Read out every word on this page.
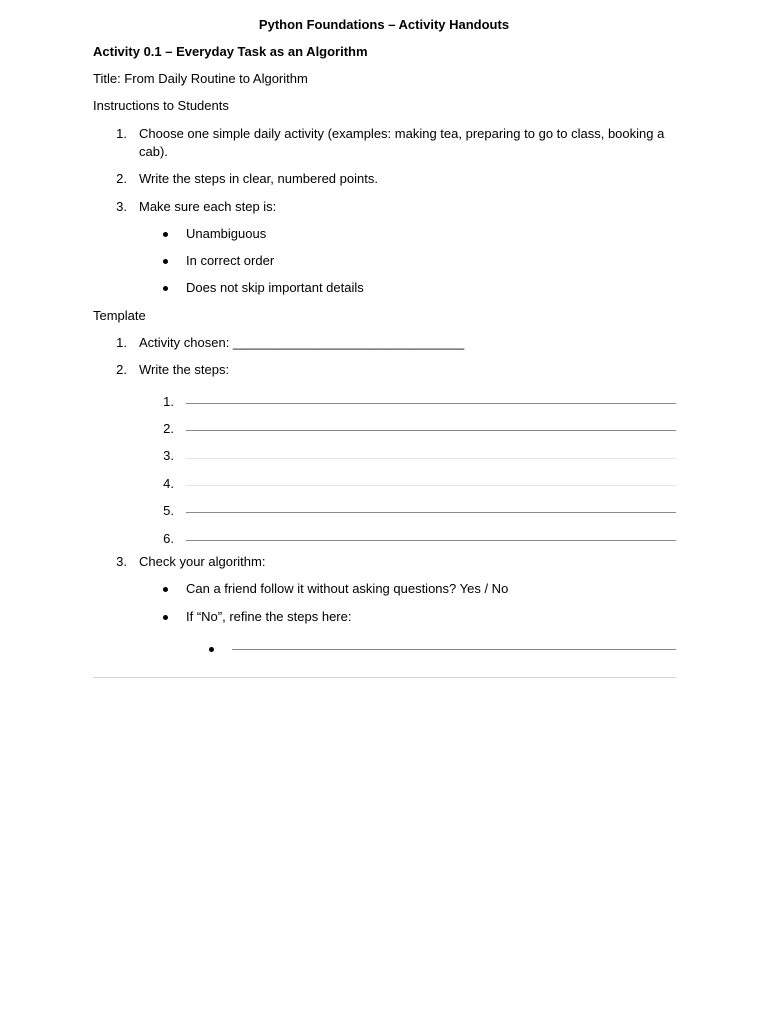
Python Foundations – Activity Handouts
Activity 0.1 – Everyday Task as an Algorithm
Title: From Daily Routine to Algorithm
Instructions to Students
1. Choose one simple daily activity (examples: making tea, preparing to go to class, booking a cab).
2. Write the steps in clear, numbered points.
3. Make sure each step is:
Unambiguous
In correct order
Does not skip important details
Template
1. Activity chosen: ________________________________
2. Write the steps:
1.
2.
3.
4.
5.
6.
3. Check your algorithm:
Can a friend follow it without asking questions? Yes / No
If “No”, refine the steps here:
